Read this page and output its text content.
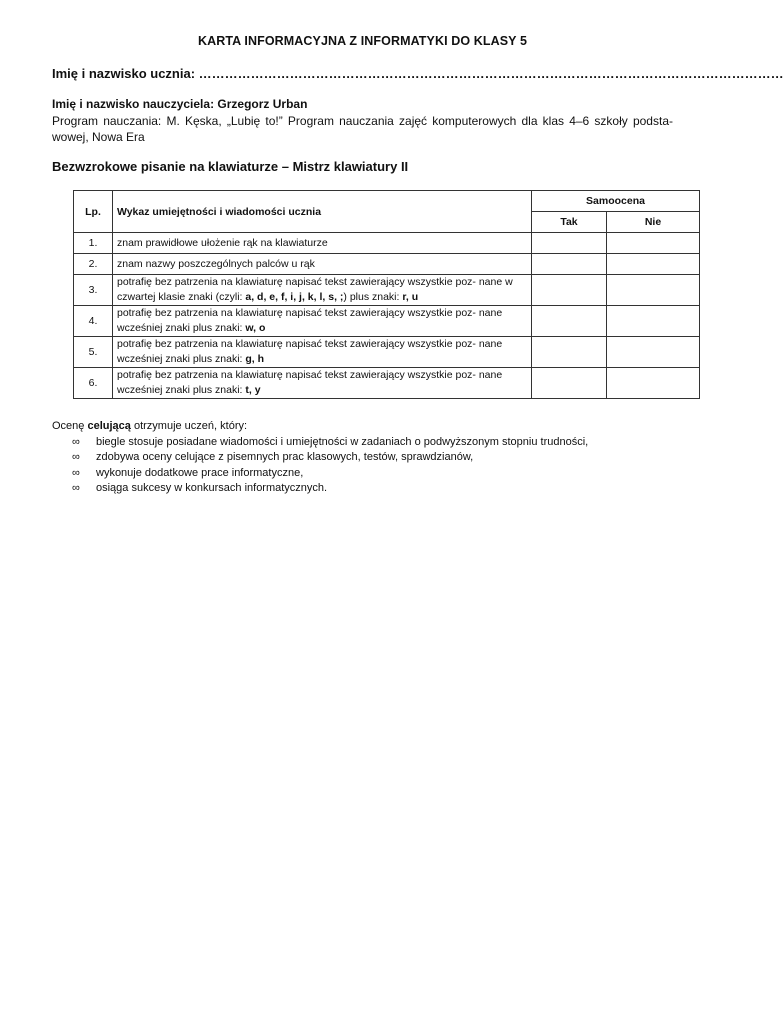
KARTA INFORMACYJNA Z INFORMATYKI DO KLASY 5
Imię i nazwisko ucznia: ………………………………………………………………………………………………………………………
Imię i nazwisko nauczyciela: Grzegorz Urban
Program nauczania: M. Kęska, „Lubię to!” Program nauczania zajęć komputerowych dla klas 4–6 szkoły podsta- wowej, Nowa Era
Bezwzrokowe pisanie na klawiaturze – Mistrz klawiatury II
Lp.	Wykaz umiejętności i wiadomości ucznia	Samoocena	
		Tak	Nie
1.	znam prawidłowe ułożenie rąk na klawiaturze		
2.	znam nazwy poszczególnych palców u rąk		
3.	potrafię bez patrzenia na klawiaturę napisać tekst zawierający wszystkie poz- nane w czwartej klasie znaki (czyli: a, d, e, f, i, j, k, l, s, ;) plus znaki: r, u		
4.	potrafię bez patrzenia na klawiaturę napisać tekst zawierający wszystkie poz- nane wcześniej znaki plus znaki: w, o		
5.	potrafię bez patrzenia na klawiaturę napisać tekst zawierający wszystkie poz- nane wcześniej znaki plus znaki: g, h		
6.	potrafię bez patrzenia na klawiaturę napisać tekst zawierający wszystkie poz- nane wcześniej znaki plus znaki: t, y		
Ocenę celującą otrzymuje uczeń, który:
∞ biegle stosuje posiadane wiadomości i umiejętności w zadaniach o podwyższonym stopniu trudności,
∞ zdobywa oceny celujące z pisemnych prac klasowych, testów, sprawdzianów,
∞ wykonuje dodatkowe prace informatyczne,
∞ osiąga sukcesy w konkursach informatycznych.
